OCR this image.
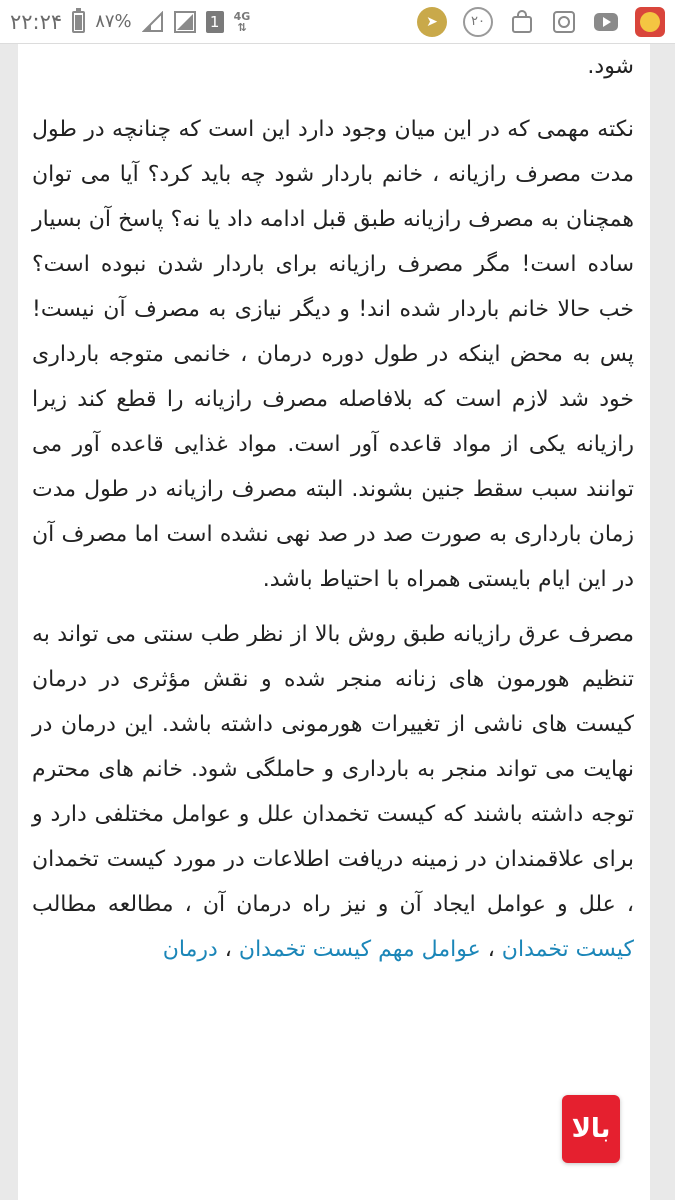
۲۲:۲۴ ۸۷%	1	4G
⇅	➤	۲۰

شود.

نکته مهمی که در این میان وجود دارد این است که چنانچه در طول مدت مصرف رازیانه ، خانم باردار شود چه باید کرد؟ آیا می توان همچنان به مصرف رازیانه طبق قبل ادامه داد یا نه؟ پاسخ آن بسیار ساده است! مگر مصرف رازیانه برای باردار شدن نبوده است؟ خب حالا خانم باردار شده اند! و دیگر نیازی به مصرف آن نیست! پس به محض اینکه در طول دوره درمان ، خانمی متوجه بارداری خود شد لازم است که بلافاصله مصرف رازیانه را قطع کند زیرا رازیانه یکی از مواد قاعده آور است. مواد غذایی قاعده آور می توانند سبب سقط جنین بشوند. البته مصرف رازیانه در طول مدت زمان بارداری به صورت صد در صد نهی نشده است اما مصرف آن در این ایام بایستی همراه با احتیاط باشد.

مصرف عرق رازیانه طبق روش بالا از نظر طب سنتی می تواند به تنظیم هورمون های زنانه منجر شده و نقش مؤثری در درمان کیست های ناشی از تغییرات هورمونی داشته باشد. این درمان در نهایت می تواند منجر به بارداری و حاملگی شود. خانم های محترم توجه داشته باشند که کیست تخمدان علل و عوامل مختلفی دارد و برای علاقمندان در زمینه دریافت اطلاعات در مورد کیست تخمدان ، علل و عوامل ایجاد آن و نیز راه درمان آن ، مطالعه مطالب کیست تخمدان ، عوامل مهم کیست تخمدان ، درمان

بالا
